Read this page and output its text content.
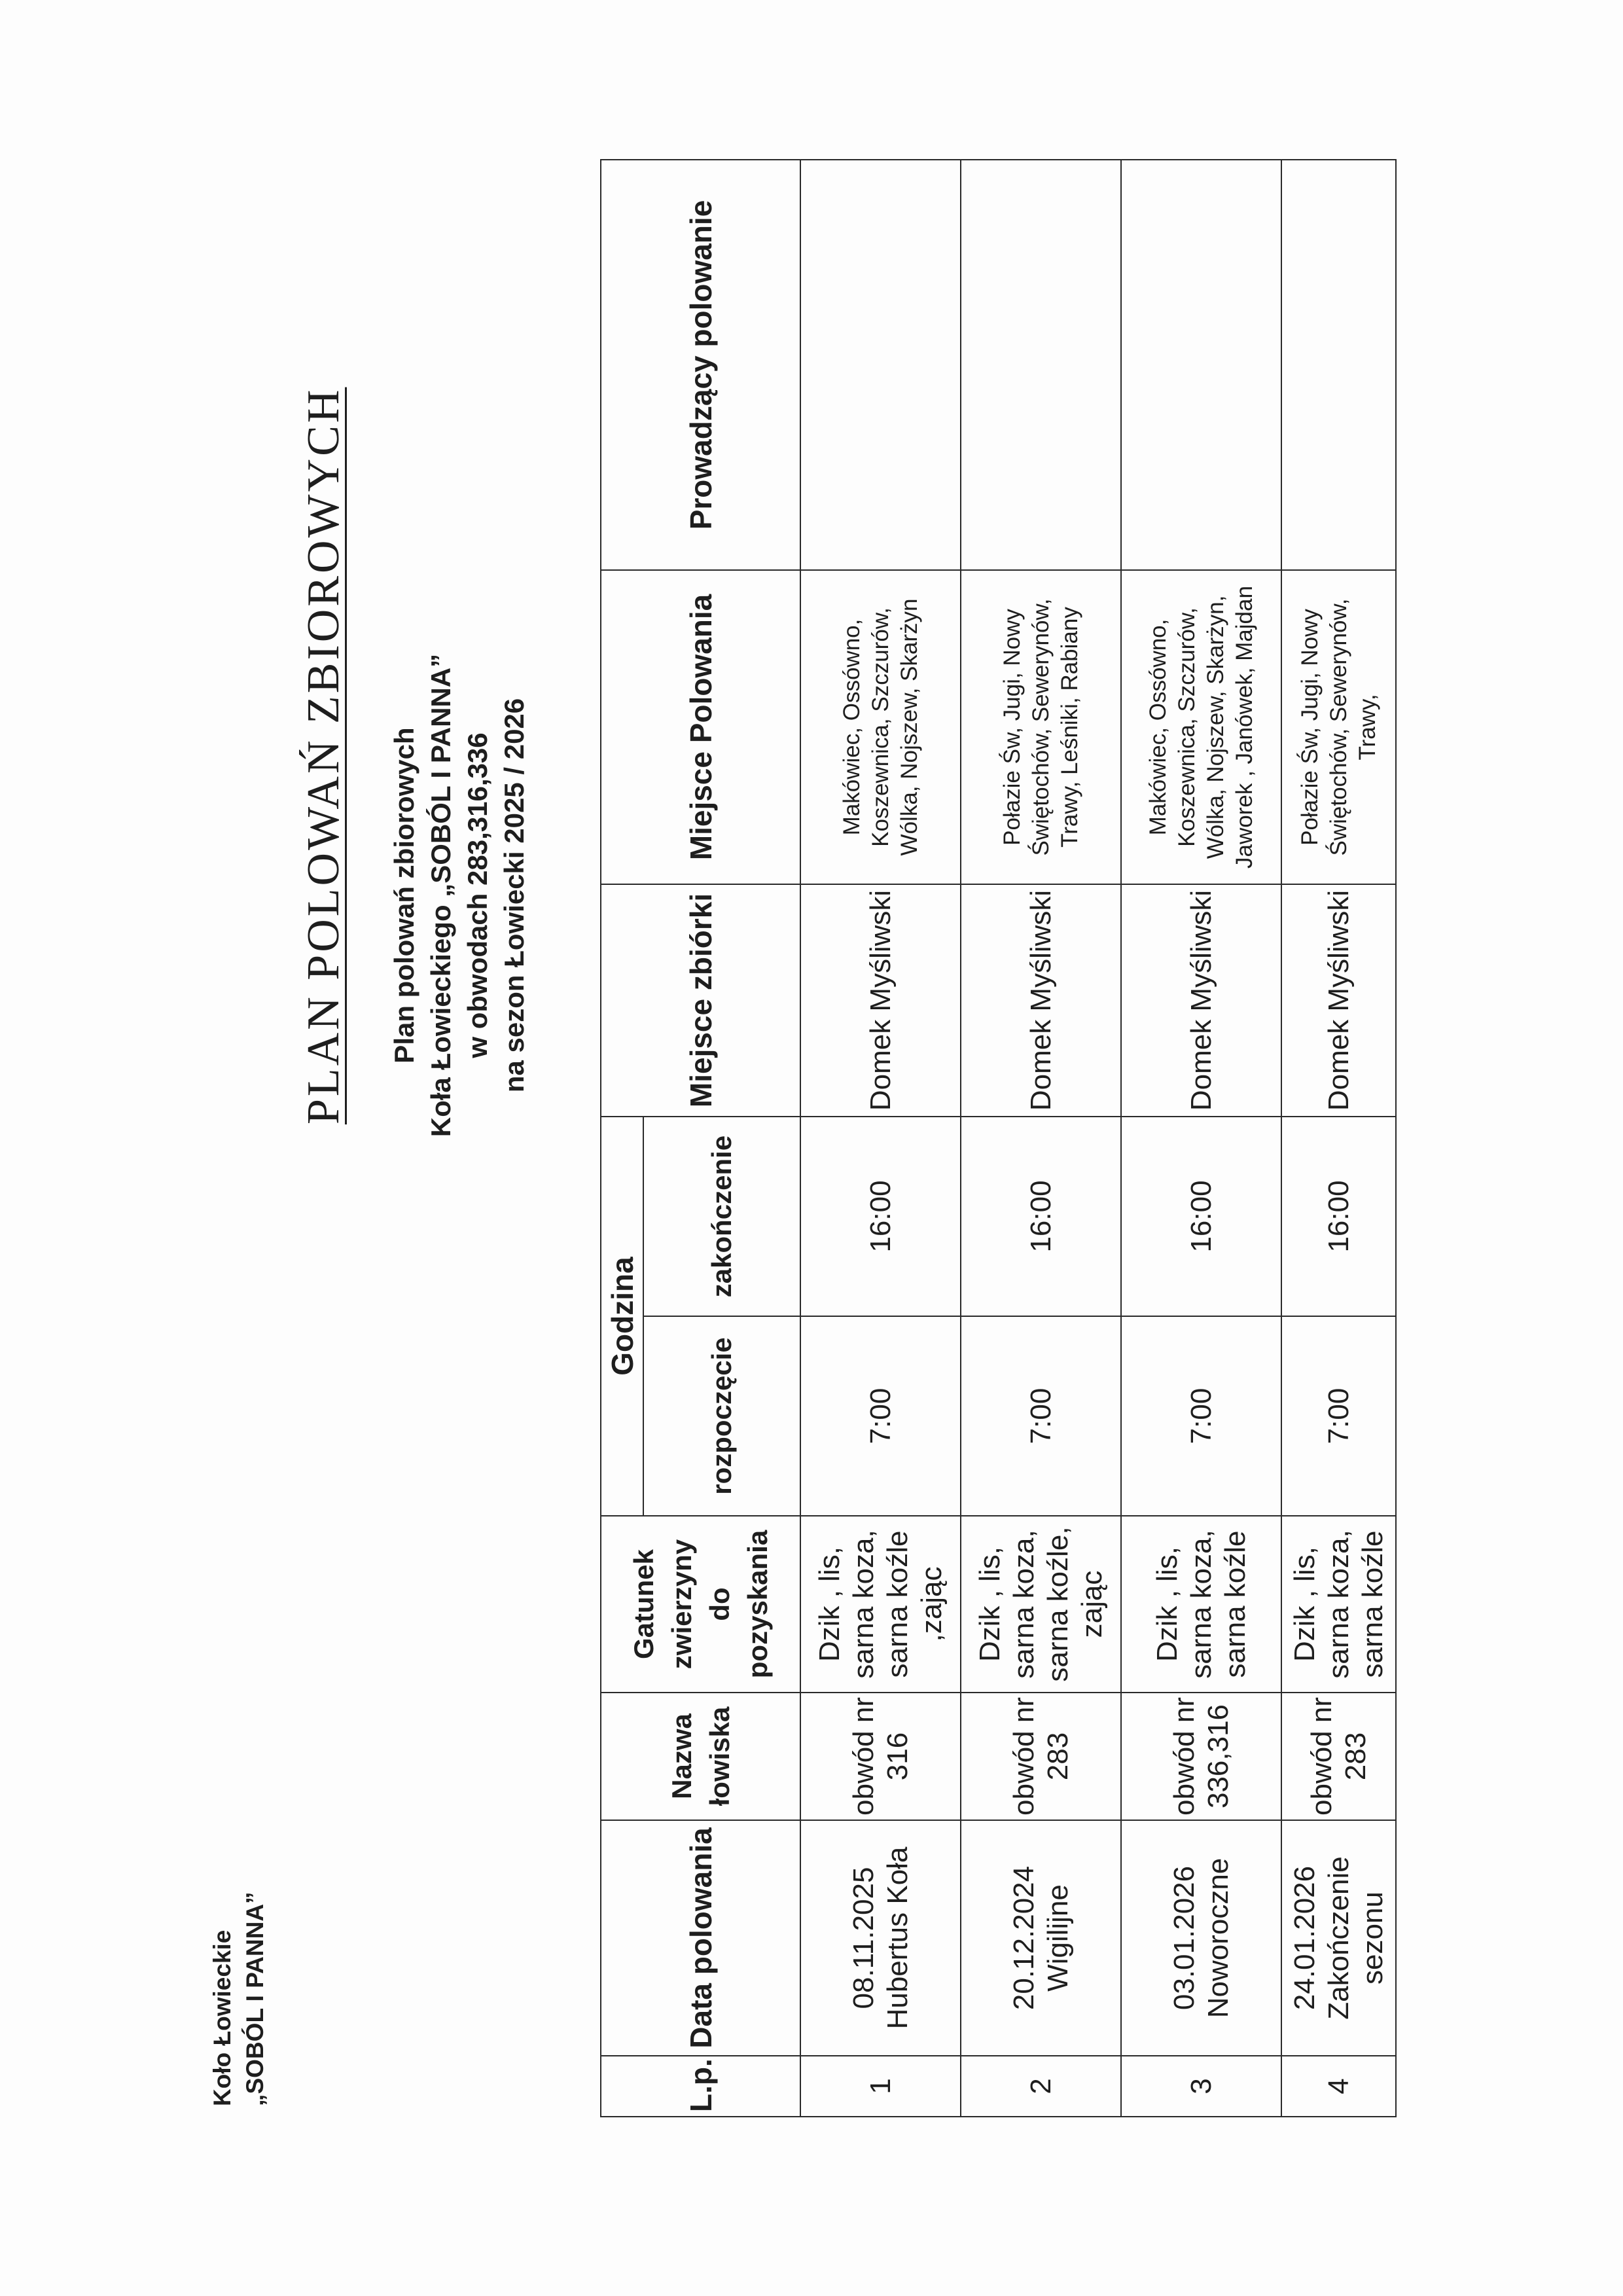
Koło Łowieckie „SOBÓL I PANNA”
PLAN POLOWAŃ ZBIOROWYCH Plan polowań zbiorowych Koła Łowieckiego „SOBÓL I PANNA” w obwodach 283,316,336 na sezon Łowiecki 2025 / 2026
L.p.	Data polowania	Nazwa łowiska	Gatunek zwierzyny do pozyskania	Godzina		Miejsce zbiórki	Miejsce Polowania	Prowadzący polowanie
				rozpoczęcie	zakończenie			
1	08.11.2025 Hubertus Koła	obwód nr 316	Dzik , lis, sarna koza, sarna koźle ,zając	7:00	16:00	Domek Myśliwski	Makówiec, Ossówno, Koszewnica, Szczurów, Wólka, Nojszew, Skarżyn	
2	20.12.2024 Wigilijne	obwód nr 283	Dzik , lis, sarna koza, sarna koźle, zając	7:00	16:00	Domek Myśliwski	Połazie Św, Jugi, Nowy Świętochów, Sewerynów, Trawy, Leśniki, Rabiany	
3	03.01.2026 Noworoczne	obwód nr 336,316	Dzik , lis, sarna koza, sarna koźle	7:00	16:00	Domek Myśliwski	Makówiec, Ossówno, Koszewnica, Szczurów, Wólka, Nojszew, Skarżyn, Jaworek , Janówek, Majdan	
4	24.01.2026 Zakończenie sezonu	obwód nr 283	Dzik , lis, sarna koza, sarna koźle	7:00	16:00	Domek Myśliwski	Połazie Św, Jugi, Nowy Świętochów, Sewerynów, Trawy,	
